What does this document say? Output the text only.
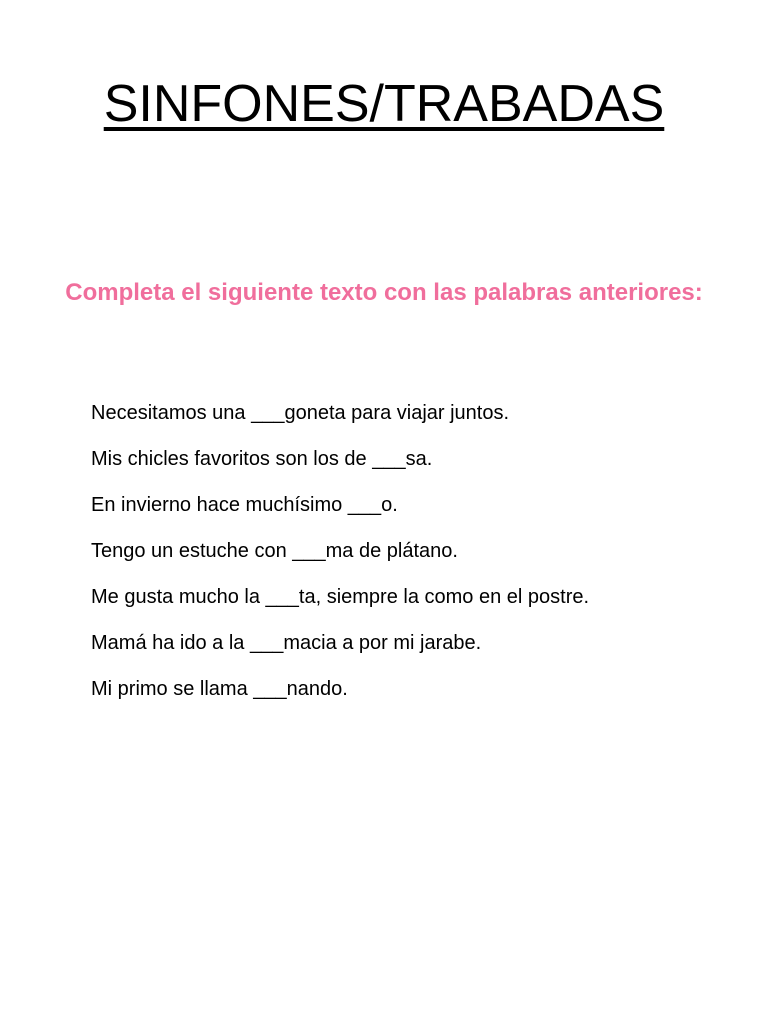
SINFONES/TRABADAS

Completa el siguiente texto con las palabras anteriores:

Necesitamos una ___goneta para viajar juntos.
Mis chicles favoritos son los de ___sa.
En invierno hace muchísimo ___o.
Tengo un estuche con ___ma de plátano.
Me gusta mucho la ___ta, siempre la como en el postre.
Mamá ha ido a la ___macia a por mi jarabe.
Mi primo se llama ___nando.
